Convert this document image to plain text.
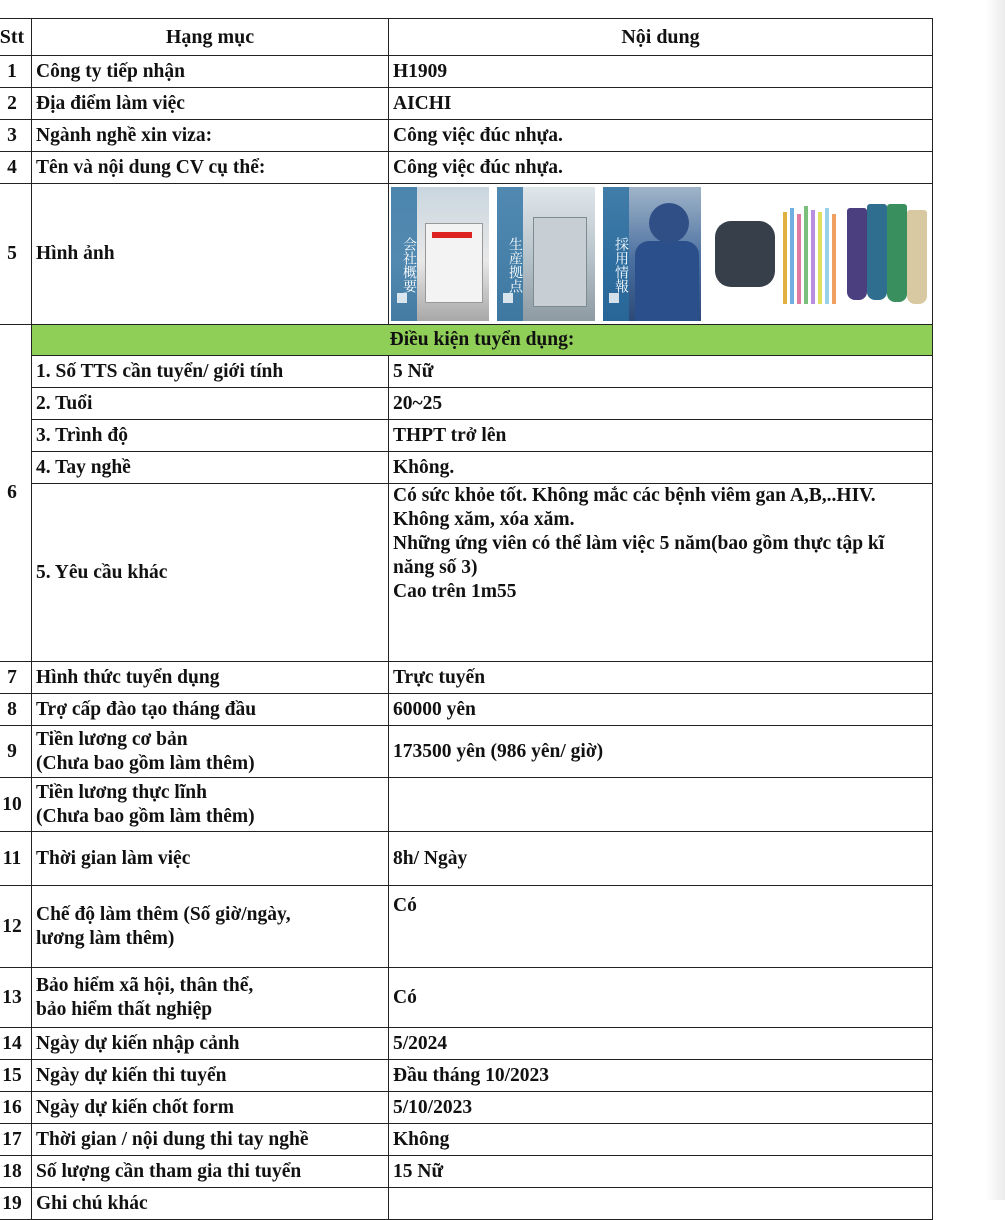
Stt	Hạng mục	Nội dung
1	Công ty tiếp nhận	H1909
2	Địa điểm làm việc	AICHI
3	Ngành nghề xin viza:	Công việc đúc nhựa.
4	Tên và nội dung CV cụ thể:	Công việc đúc nhựa.
5	Hình ảnh	会社概要 生産拠点 採用情報

6	Điều kiện tuyển dụng:	
	1. Số TTS cần tuyển/ giới tính	5 Nữ
	2. Tuổi	20~25
	3. Trình độ	THPT trở lên
	4. Tay nghề	Không.
	5. Yêu cầu khác	Có sức khỏe tốt. Không mắc các bệnh viêm gan A,B,..HIV.
Không xăm, xóa xăm.
Những ứng viên có thể làm việc 5 năm(bao gồm thực tập kĩ năng số 3)
Cao trên 1m55

7	Hình thức tuyển dụng	Trực tuyến
8	Trợ cấp đào tạo tháng đầu	60000 yên
9	Tiền lương cơ bản
(Chưa bao gồm làm thêm)	173500 yên (986 yên/ giờ)
10	Tiền lương thực lĩnh
(Chưa bao gồm làm thêm)	

11	Thời gian làm việc	8h/ Ngày
12	Chế độ làm thêm (Số giờ/ngày,
lương làm thêm)	Có
13	Bảo hiểm xã hội, thân thể,
bảo hiểm thất nghiệp	Có
14	Ngày dự kiến nhập cảnh	5/2024
15	Ngày dự kiến thi tuyển	Đầu tháng 10/2023
16	Ngày dự kiến chốt form	5/10/2023
17	Thời gian / nội dung thi tay nghề	Không
18	Số lượng cần tham gia thi tuyển	15 Nữ
19	Ghi chú khác	
